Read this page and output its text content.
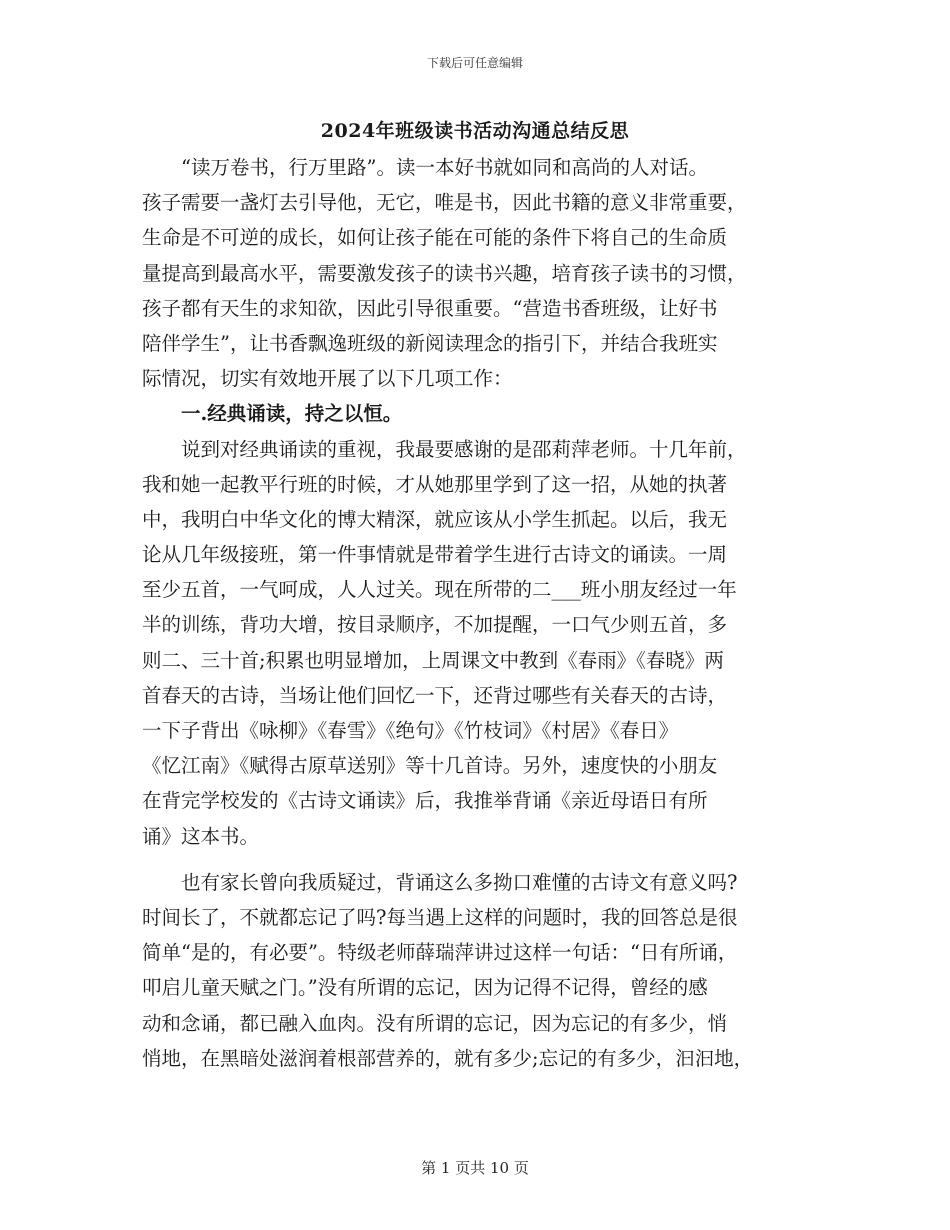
下载后可任意编辑
2024年班级读书活动沟通总结反思
　　“读万卷书，行万里路”。读一本好书就如同和高尚的人对话。
孩子需要一盏灯去引导他，无它，唯是书，因此书籍的意义非常重要，
生命是不可逆的成长，如何让孩子能在可能的条件下将自己的生命质
量提高到最高水平，需要激发孩子的读书兴趣，培育孩子读书的习惯，
孩子都有天生的求知欲，因此引导很重要。“营造书香班级，让好书
陪伴学生”，让书香飘逸班级的新阅读理念的指引下，并结合我班实
际情况，切实有效地开展了以下几项工作：
　　一.经典诵读，持之以恒。
　　说到对经典诵读的重视，我最要感谢的是邵莉萍老师。十几年前，
我和她一起教平行班的时候，才从她那里学到了这一招，从她的执著
中，我明白中华文化的博大精深，就应该从小学生抓起。以后，我无
论从几年级接班，第一件事情就是带着学生进行古诗文的诵读。一周
至少五首，一气呵成，人人过关。现在所带的二___班小朋友经过一年
半的训练，背功大增，按目录顺序，不加提醒，一口气少则五首，多
则二、三十首;积累也明显增加，上周课文中教到《春雨》《春晓》两
首春天的古诗，当场让他们回忆一下，还背过哪些有关春天的古诗，
一下子背出《咏柳》《春雪》《绝句》《竹枝词》《村居》《春日》
《忆江南》《赋得古原草送别》等十几首诗。另外，速度快的小朋友
在背完学校发的《古诗文诵读》后，我推举背诵《亲近母语日有所
诵》这本书。
　　也有家长曾向我质疑过，背诵这么多拗口难懂的古诗文有意义吗?
时间长了，不就都忘记了吗?每当遇上这样的问题时，我的回答总是很
简单“是的，有必要”。特级老师薛瑞萍讲过这样一句话：“日有所诵，
叩启儿童天赋之门。”没有所谓的忘记，因为记得不记得，曾经的感
动和念诵，都已融入血肉。没有所谓的忘记，因为忘记的有多少，悄
悄地，在黑暗处滋润着根部营养的，就有多少;忘记的有多少，汩汩地，
第 1 页共 10 页
